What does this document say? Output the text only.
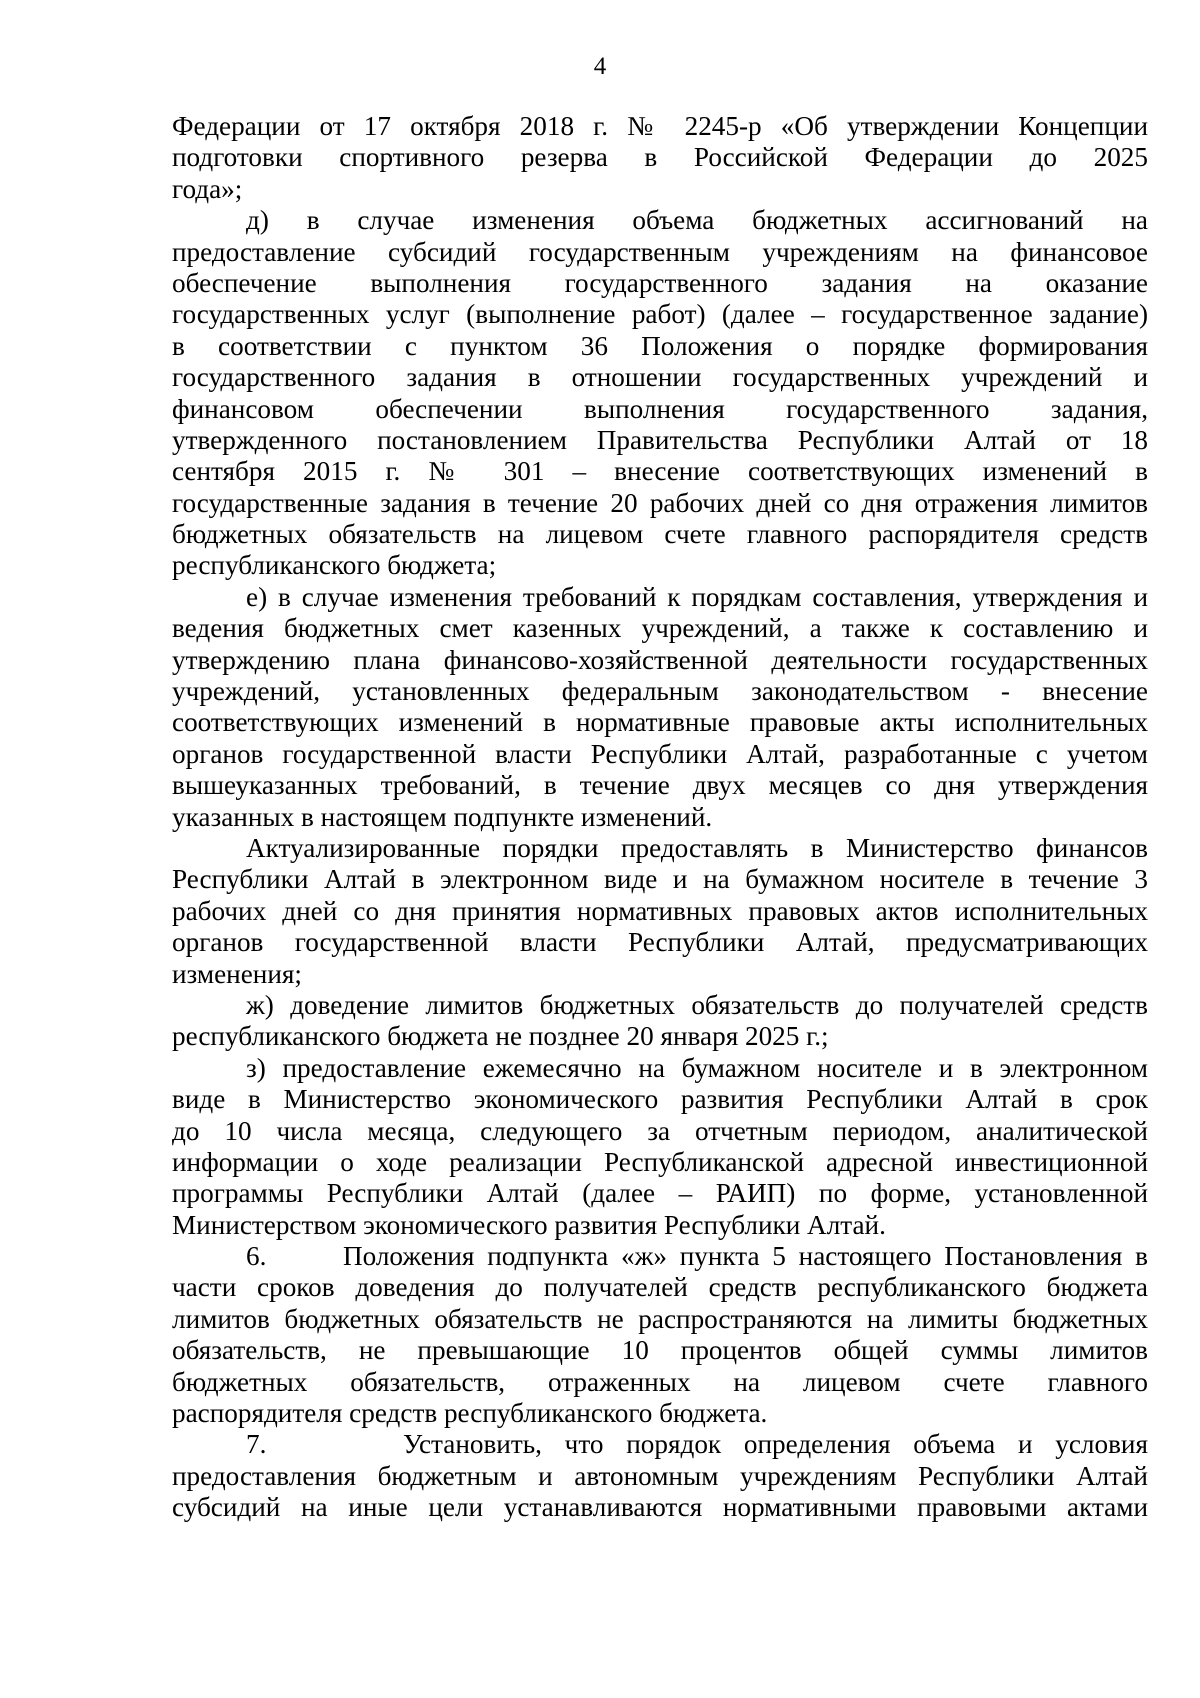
4
Федерации от 17 октября 2018 г. № 2245-р «Об утверждении Концепции
подготовки спортивного резерва в Российской Федерации до 2025
года»;
д) в случае изменения объема бюджетных ассигнований на
предоставление субсидий государственным учреждениям на финансовое
обеспечение выполнения государственного задания на оказание
государственных услуг (выполнение работ) (далее – государственное задание)
в соответствии с пунктом 36 Положения о порядке формирования
государственного задания в отношении государственных учреждений и
финансовом обеспечении выполнения государственного задания,
утвержденного постановлением Правительства Республики Алтай от 18
сентября 2015 г. № 301 – внесение соответствующих изменений в
государственные задания в течение 20 рабочих дней со дня отражения лимитов
бюджетных обязательств на лицевом счете главного распорядителя средств
республиканского бюджета;
е) в случае изменения требований к порядкам составления, утверждения и
ведения бюджетных смет казенных учреждений, а также к составлению и
утверждению плана финансово-хозяйственной деятельности государственных
учреждений, установленных федеральным законодательством - внесение
соответствующих изменений в нормативные правовые акты исполнительных
органов государственной власти Республики Алтай, разработанные с учетом
вышеуказанных требований, в течение двух месяцев со дня утверждения
указанных в настоящем подпункте изменений.
Актуализированные порядки предоставлять в Министерство финансов
Республики Алтай в электронном виде и на бумажном носителе в течение 3
рабочих дней со дня принятия нормативных правовых актов исполнительных
органов государственной власти Республики Алтай, предусматривающих
изменения;
ж) доведение лимитов бюджетных обязательств до получателей средств
республиканского бюджета не позднее 20 января 2025 г.;
з) предоставление ежемесячно на бумажном носителе и в электронном
виде в Министерство экономического развития Республики Алтай в срок
до 10 числа месяца, следующего за отчетным периодом, аналитической
информации о ходе реализации Республиканской адресной инвестиционной
программы Республики Алтай (далее – РАИП) по форме, установленной
Министерством экономического развития Республики Алтай.
6.      Положения подпункта «ж» пункта 5 настоящего Постановления в
части сроков доведения до получателей средств республиканского бюджета
лимитов бюджетных обязательств не распространяются на лимиты бюджетных
обязательств, не превышающие 10 процентов общей суммы лимитов
бюджетных обязательств, отраженных на лицевом счете главного
распорядителя средств республиканского бюджета.
7.      Установить, что порядок определения объема и условия
предоставления бюджетным и автономным учреждениям Республики Алтай
субсидий на иные цели устанавливаются нормативными правовыми актами
